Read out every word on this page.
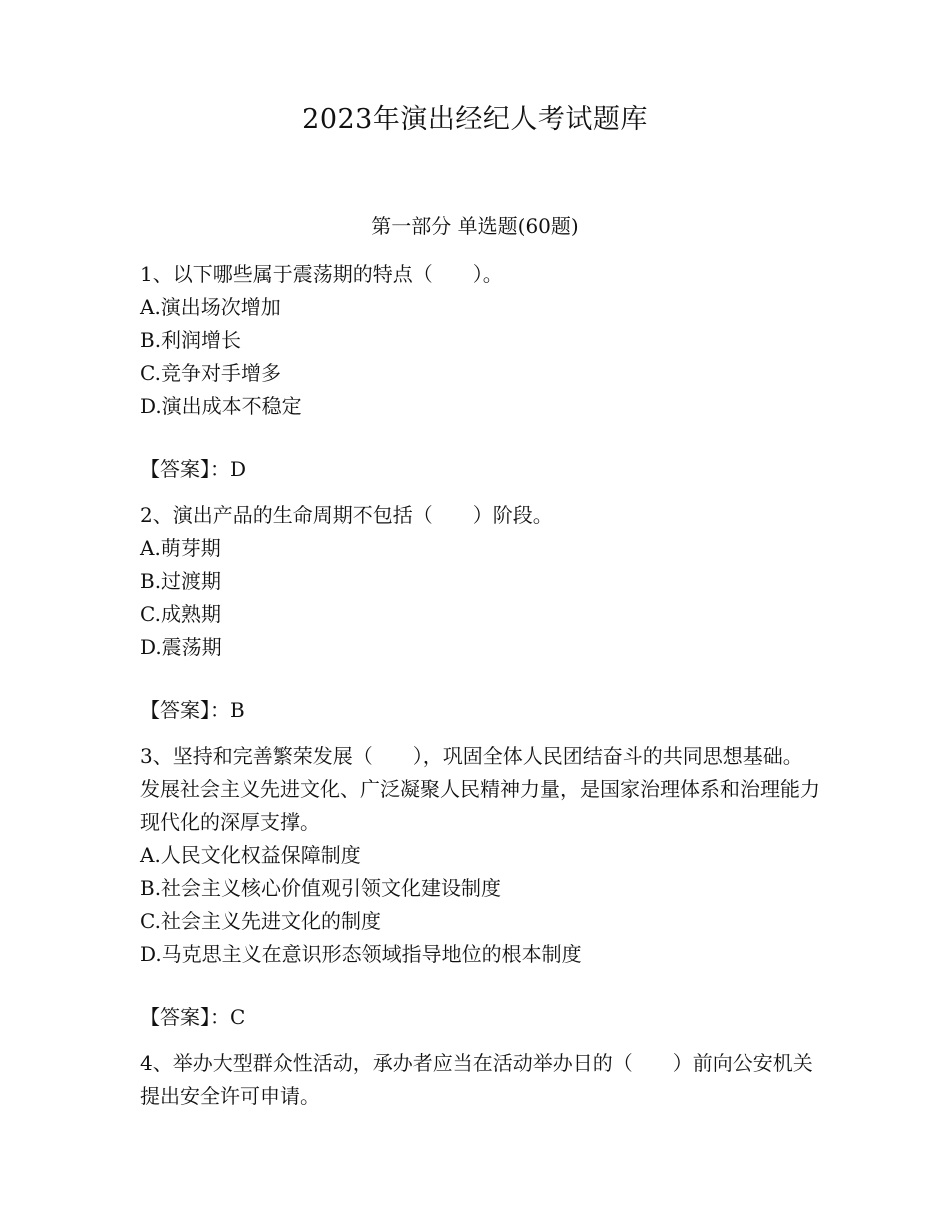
2023年演出经纪人考试题库
第一部分 单选题(60题)

1、以下哪些属于震荡期的特点（　　）。

A.演出场次增加

B.利润增长

C.竞争对手增多

D.演出成本不稳定

【答案】：D

2、演出产品的生命周期不包括（　　）阶段。

A.萌芽期

B.过渡期

C.成熟期

D.震荡期

【答案】：B

3、坚持和完善繁荣发展（　　），巩固全体人民团结奋斗的共同思想基础。发展社会主义先进文化、广泛凝聚人民精神力量，是国家治理体系和治理能力现代化的深厚支撑。

A.人民文化权益保障制度

B.社会主义核心价值观引领文化建设制度

C.社会主义先进文化的制度

D.马克思主义在意识形态领域指导地位的根本制度

【答案】：C

4、举办大型群众性活动，承办者应当在活动举办日的（　　）前向公安机关提出安全许可申请。
